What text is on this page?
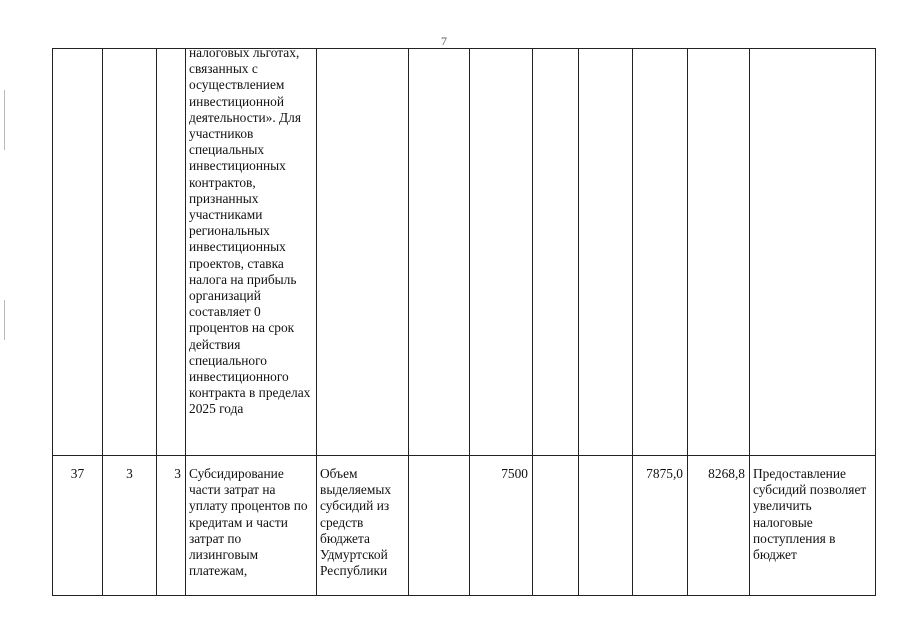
7

			налоговых льготах, связанных с осуществлением инвестиционной деятельности». Для участников специальных инвестиционных контрактов, признанных участниками региональных инвестиционных проектов, ставка налога на прибыль организаций составляет 0 процентов на срок действия специального инвестиционного контракта в пределах 2025 года								

37	3	3	Субсидирование части затрат на уплату процентов по кредитам и части затрат по лизинговым платежам,	Объем выделяемых субсидий из средств бюджета Удмуртской Республики		7500			7875,0	8268,8	Предоставление субсидий позволяет увеличить налоговые поступления в бюджет
